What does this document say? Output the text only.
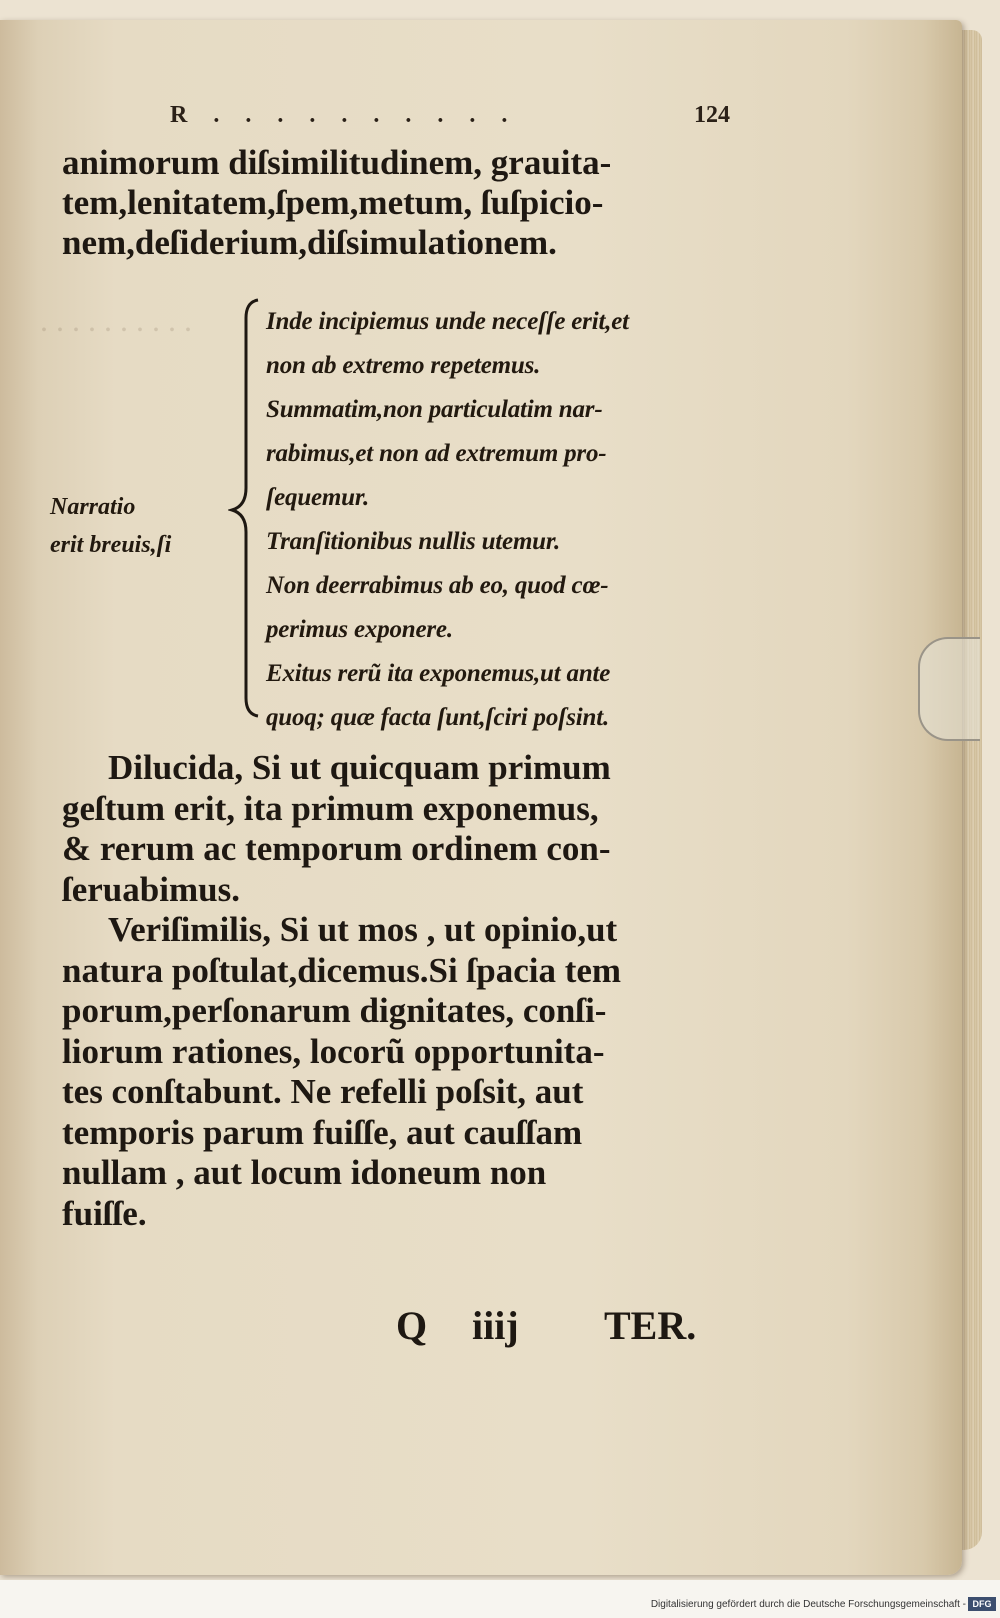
. . . . . . . . . .
R . . . . . . . . . .	124
animorum diſsimilitudinem, grauita-
tem,lenitatem,ſpem,metum, ſuſpicio-
nem,deſiderium,diſsimulationem.
Narratio
erit breuis,ſi
Inde incipiemus unde neceſſe erit,et
non ab extremo repetemus.
Summatim,non particulatim nar-
rabimus,et non ad extremum pro-
ſequemur.
Tranſitionibus nullis utemur.
Non deerrabimus ab eo, quod cœ-
perimus exponere.
Exitus rerũ ita exponemus,ut ante
quoq; quæ facta ſunt,ſciri poſsint.
Dilucida, Si ut quicquam primum
geſtum erit, ita primum exponemus,
& rerum ac temporum ordinem con-
ſeruabimus.
Veriſimilis, Si ut mos , ut opinio,ut
natura poſtulat,dicemus.Si ſpacia tem
porum,perſonarum dignitates, conſi-
liorum rationes, locorũ opportunita-
tes conſtabunt. Ne refelli poſsit, aut
temporis parum fuiſſe, aut cauſſam
nullam , aut locum idoneum non
fuiſſe.
Q iiij TER.
Digitalisierung gefördert durch die Deutsche Forschungsgemeinschaft - DFG
